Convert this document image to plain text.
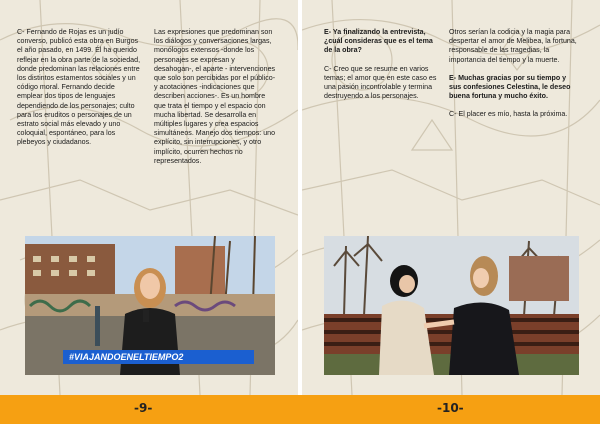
C- Fernando de Rojas es un judío converso, publicó esta obra en Burgos el año pasado, en 1499. Él ha querido reflejar en la obra parte de la sociedad, donde predominan las relaciones entre los distintos estamentos sociales y un código moral. Fernando decide emplear dos tipos de lenguajes dependiendo de los personajes; culto para los eruditos o personajes de un estrato social más elevado y uno coloquial, espontáneo, para los plebeyos y ciudadanos.

Las expresiones que predominan son los diálogos y conversaciones largas, monólogos extensos -donde los personajes se expresan y desahogan-, el aparte - intervenciones que solo son percibidas por el público- y acotaciones -indicaciones que describen acciones-. Es un hombre que trata el tiempo y el espacio con mucha libertad. Se desarrolla en múltiples lugares y crea espacios simultáneos. Manejo dos tiempos: uno explícito, sin interrupciones, y otro implícito, ocurren hechos no representados.

#VIAJANDOENELTIEMPO2

E- Ya finalizando la entrevista, ¿cuál consideras que es el tema de la obra?

C- Creo que se resume en varios temas; el amor que en este caso es una pasión incontrolable y termina destruyendo a los personajes.

Otros serían la codicia y la magia para despertar el amor de Melibea, la fortuna, responsable de las tragedias, la importancia del tiempo y la muerte.

E- Muchas gracias por su tiempo y sus confesiones Celestina, le deseo buena fortuna y mucho éxito.

C- El placer es mío, hasta la próxima.

-9-	-10-
